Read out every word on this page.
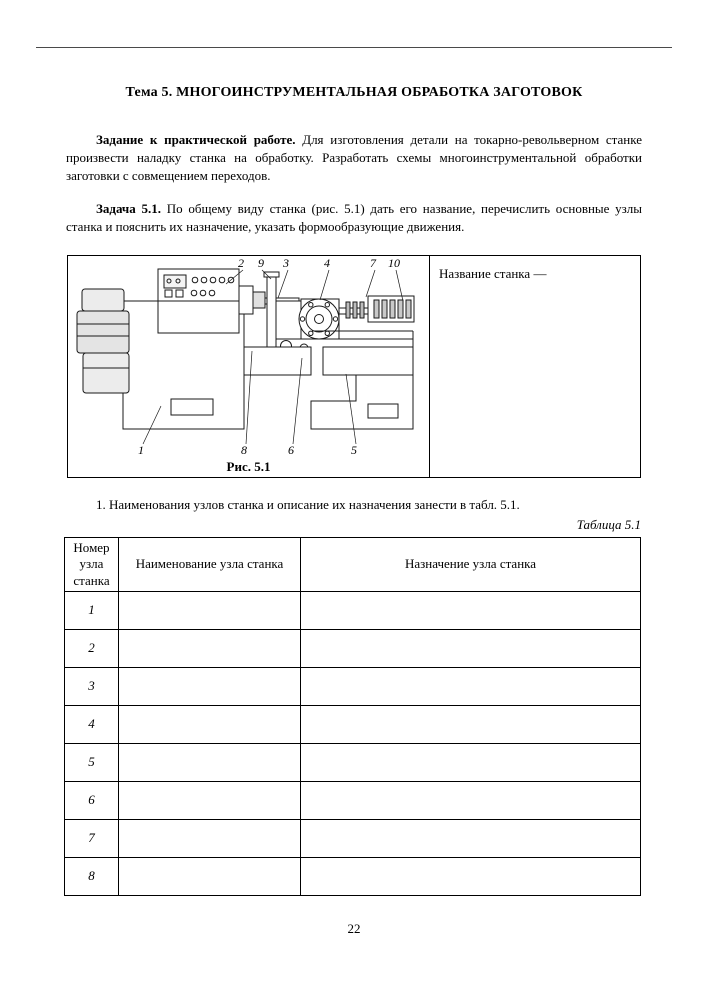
Тема 5. МНОГОИНСТРУМЕНТАЛЬНАЯ ОБРАБОТКА ЗАГОТОВОК

Задание к практической работе. Для изготовления детали на токарно-револьверном станке произвести наладку станка на обработку. Разработать схемы многоинструментальной обработки заготовки с совмещением переходов.

Задача 5.1. По общему виду станка (рис. 5.1) дать его название, перечислить основные узлы станка и пояснить их назначение, указать формообразующие движения.

2 9 3	4	7 10
1	8	6	5

Рис. 5.1

Название станка —

1. Наименования узлов станка и описание их назначения занести в табл. 5.1.

Таблица 5.1

Номер узла станка	Наименование узла станка	Назначение узла станка
1		
2		
3		
4		
5		
6		
7		
8		

22
